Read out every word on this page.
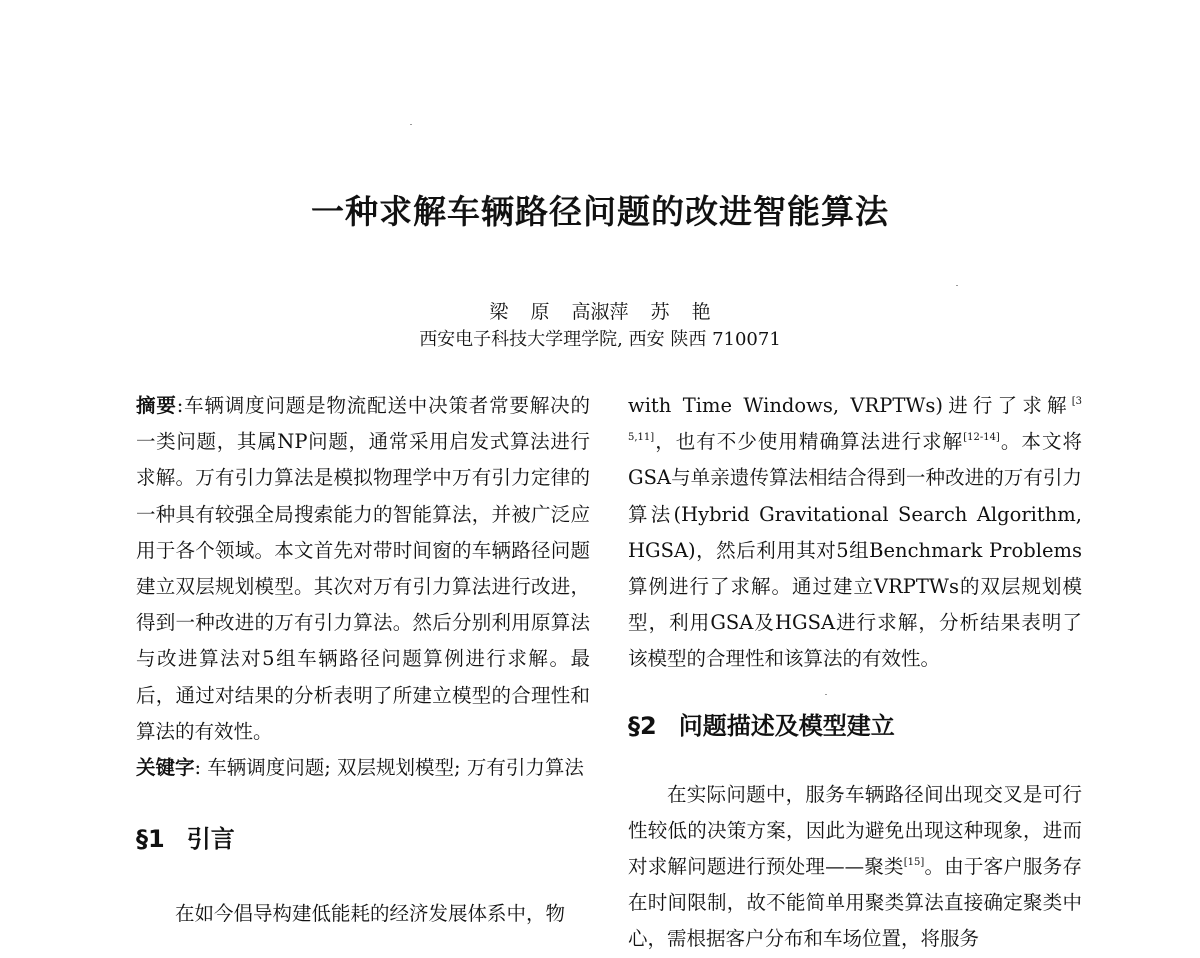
一种求解车辆路径问题的改进智能算法
梁 原 高淑萍 苏 艳
西安电子科技大学理学院, 西安 陕西 710071

摘要:车辆调度问题是物流配送中决策者常要解决的一类问题，其属NP问题，通常采用启发式算法进行求解。万有引力算法是模拟物理学中万有引力定律的一种具有较强全局搜索能力的智能算法，并被广泛应用于各个领域。本文首先对带时间窗的车辆路径问题建立双层规划模型。其次对万有引力算法进行改进，得到一种改进的万有引力算法。然后分别利用原算法与改进算法对5组车辆路径问题算例进行求解。最后，通过对结果的分析表明了所建立模型的合理性和算法的有效性。

关键字: 车辆调度问题; 双层规划模型; 万有引力算法

§1 引言

在如今倡导构建低能耗的经济发展体系中，物

with Time Windows, VRPTWs)进行了求解[3 5,11]，也有不少使用精确算法进行求解[12-14]。本文将GSA与单亲遗传算法相结合得到一种改进的万有引力算法(Hybrid Gravitational Search Algorithm, HGSA)，然后利用其对5组Benchmark Problems算例进行了求解。通过建立VRPTWs的双层规划模型，利用GSA及HGSA进行求解，分析结果表明了该模型的合理性和该算法的有效性。

§2 问题描述及模型建立

在实际问题中，服务车辆路径间出现交叉是可行性较低的决策方案，因此为避免出现这种现象，进而对求解问题进行预处理——聚类[15]。由于客户服务存在时间限制，故不能简单用聚类算法直接确定聚类中心，需根据客户分布和车场位置，将服务
